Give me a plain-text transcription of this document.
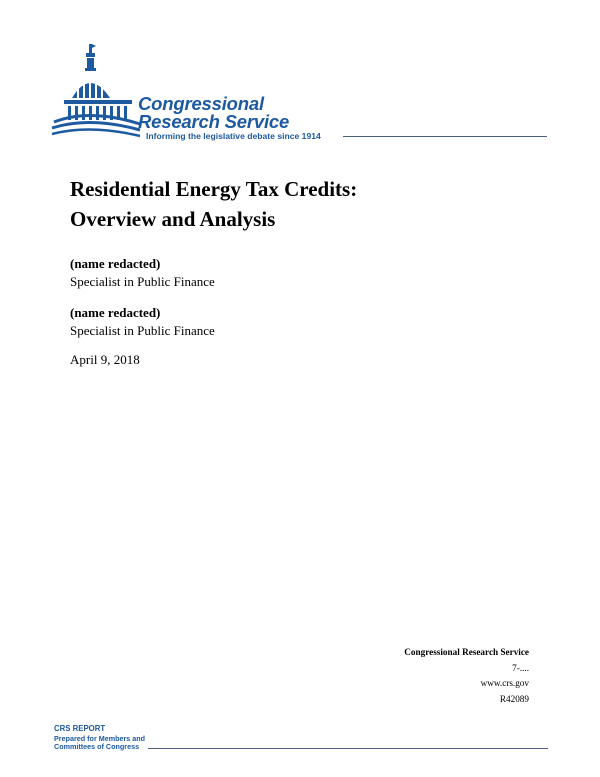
Congressional
Research Service
Informing the legislative debate since 1914
Residential Energy Tax Credits:
Overview and Analysis
(name redacted)
Specialist in Public Finance
(name redacted)
Specialist in Public Finance
April 9, 2018
Congressional Research Service
7-....
www.crs.gov
R42089
CRS REPORT
Prepared for Members and
Committees of Congress
